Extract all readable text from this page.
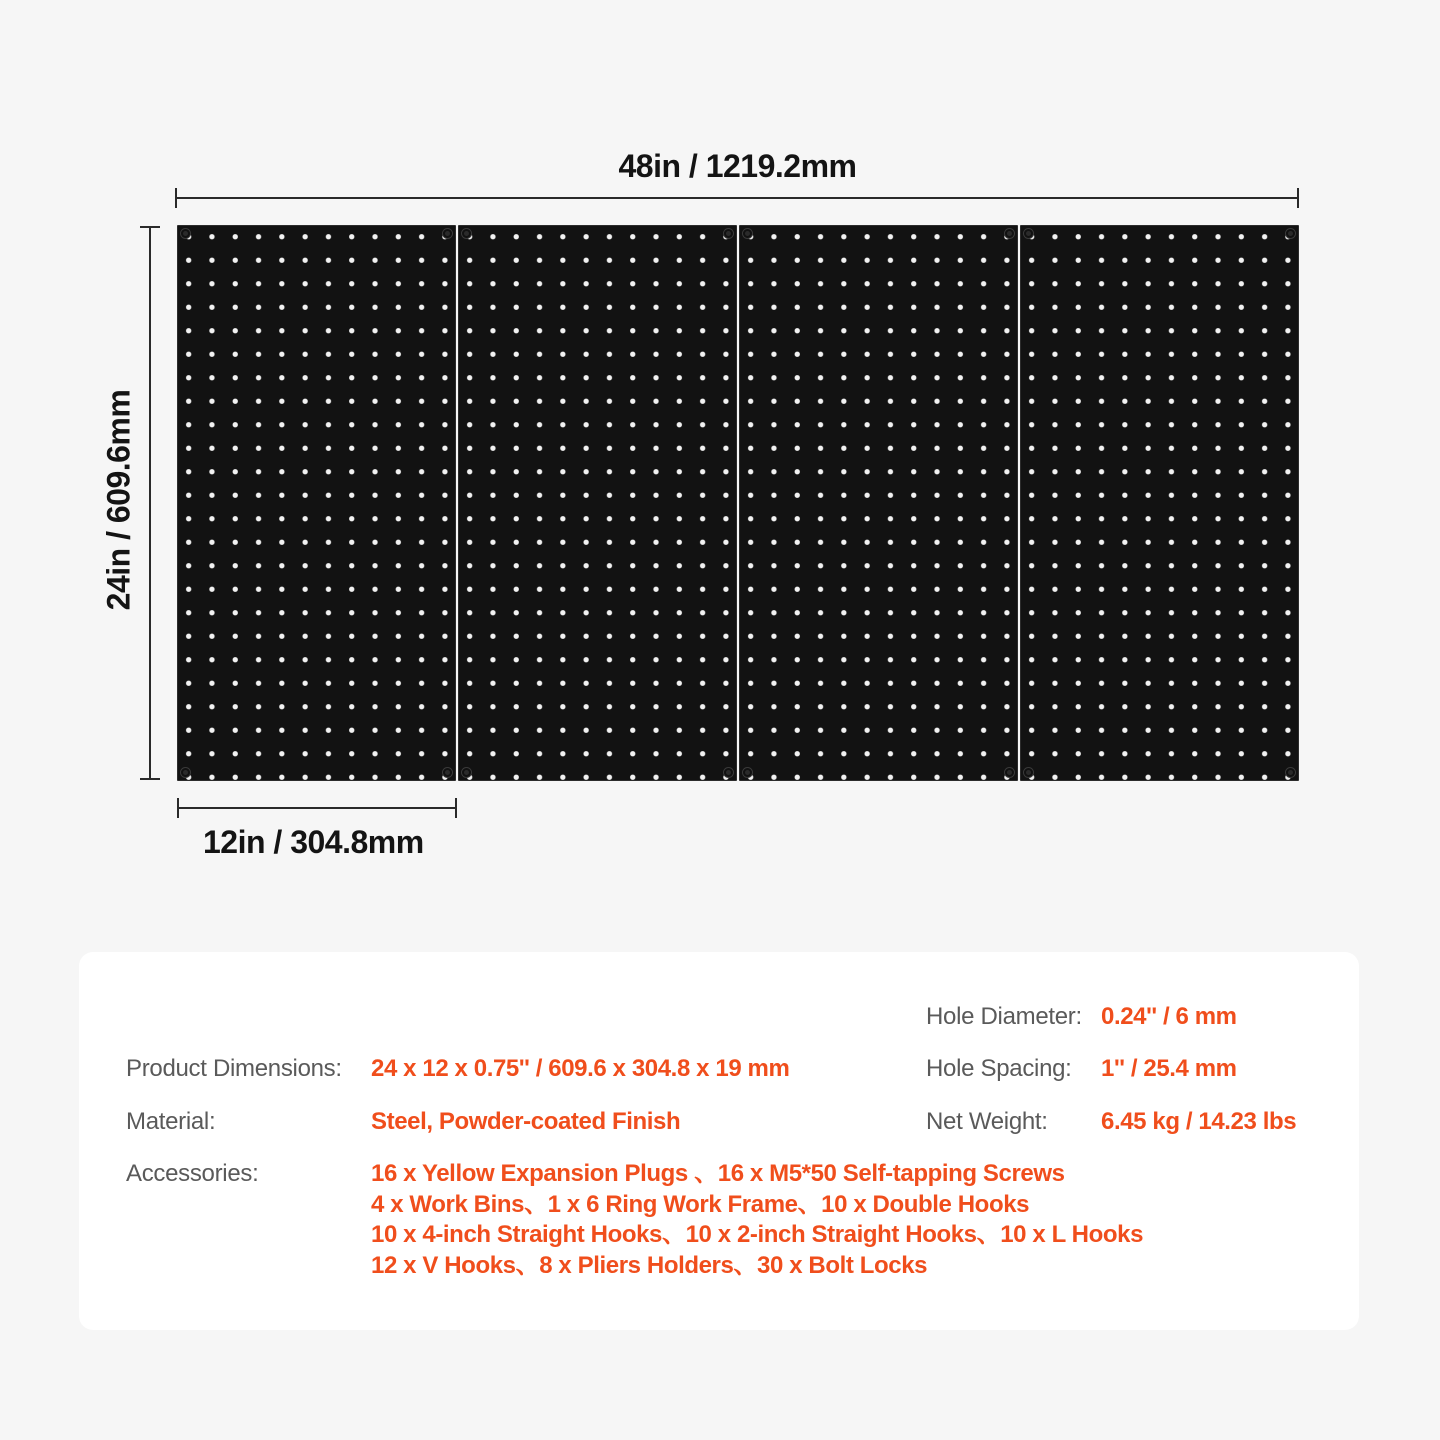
48in / 1219.2mm
24in / 609.6mm
12in / 304.8mm
Product Dimensions: 24 x 12 x 0.75'' / 609.6 x 304.8 x 19 mm
Material:	Steel, Powder-coated Finish
Accessories:	16 x Yellow Expansion Plugs 、16 x M5*50 Self-tapping Screws
4 x Work Bins、1 x 6 Ring Work Frame、10 x Double Hooks
10 x 4-inch Straight Hooks、10 x 2-inch Straight Hooks、10 x L Hooks
12 x V Hooks、8 x Pliers Holders、30 x Bolt Locks
Hole Diameter: 0.24'' / 6 mm
Hole Spacing: 1'' / 25.4 mm
Net Weight: 6.45 kg / 14.23 lbs
